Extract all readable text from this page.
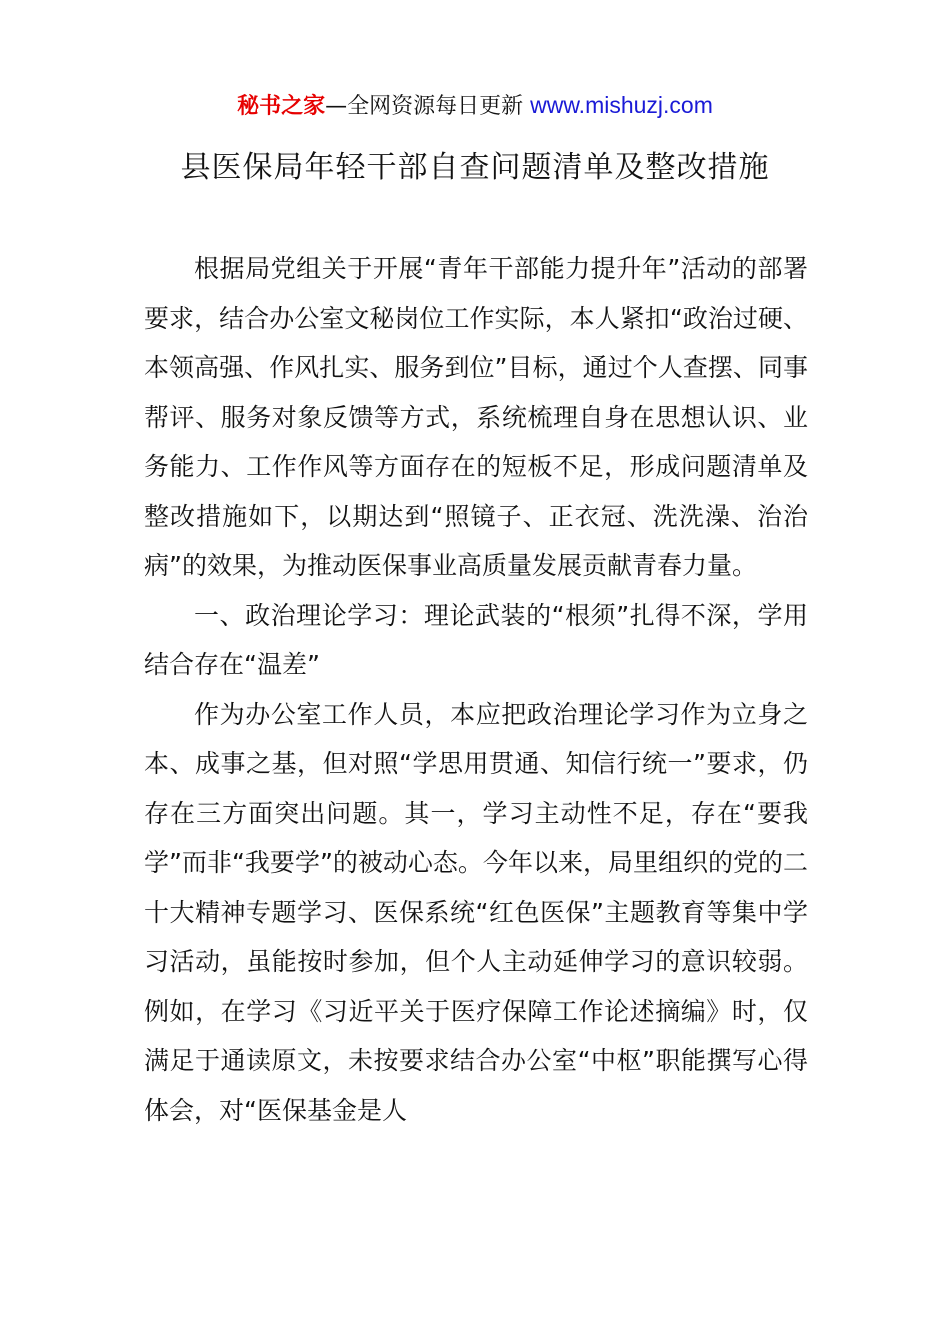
秘书之家—全网资源每日更新 www.mishuzj.com
县医保局年轻干部自查问题清单及整改措施

根据局党组关于开展“青年干部能力提升年”活动的部署要求，结合办公室文秘岗位工作实际，本人紧扣“政治过硬、本领高强、作风扎实、服务到位”目标，通过个人查摆、同事帮评、服务对象反馈等方式，系统梳理自身在思想认识、业务能力、工作作风等方面存在的短板不足，形成问题清单及整改措施如下，以期达到“照镜子、正衣冠、洗洗澡、治治病”的效果，为推动医保事业高质量发展贡献青春力量。

一、政治理论学习：理论武装的“根须”扎得不深，学用结合存在“温差”

作为办公室工作人员，本应把政治理论学习作为立身之本、成事之基，但对照“学思用贯通、知信行统一”要求，仍存在三方面突出问题。其一，学习主动性不足，存在“要我学”而非“我要学”的被动心态。今年以来，局里组织的党的二十大精神专题学习、医保系统“红色医保”主题教育等集中学习活动，虽能按时参加，但个人主动延伸学习的意识较弱。例如，在学习《习近平关于医疗保障工作论述摘编》时，仅满足于通读原文，未按要求结合办公室“中枢”职能撰写心得体会，对“医保基金是人
